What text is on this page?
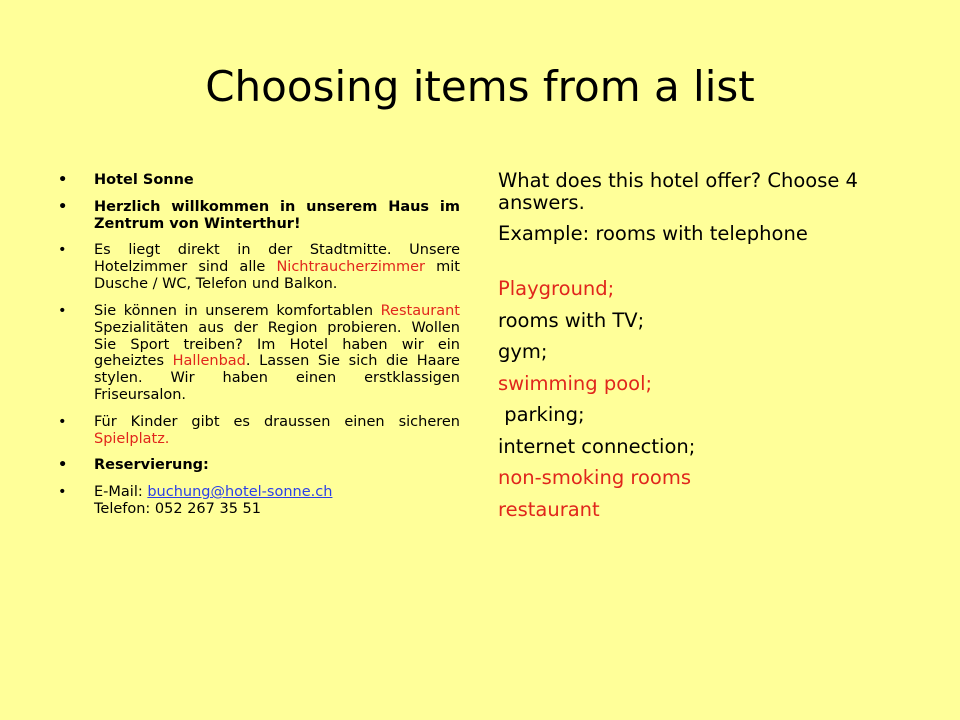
Choosing items from a list
• Hotel Sonne
• Herzlich willkommen in unserem Haus im Zentrum von Winterthur!
• Es liegt direkt in der Stadtmitte. Unsere Hotelzimmer sind alle Nichtraucherzimmer mit Dusche / WC, Telefon und Balkon.
• Sie können in unserem komfortablen Restaurant Spezialitäten aus der Region probieren. Wollen Sie Sport treiben? Im Hotel haben wir ein geheiztes Hallenbad. Lassen Sie sich die Haare stylen. Wir haben einen erstklassigen Friseursalon.
• Für Kinder gibt es draussen einen sicheren Spielplatz.
• Reservierung:
• E-Mail: buchung@hotel-sonne.ch
Telefon: 052 267 35 51

What does this hotel offer? Choose 4 answers.

Example: rooms with telephone

Playground;
rooms with TV;
gym;
swimming pool;
parking;
internet connection;
non-smoking rooms
restaurant
